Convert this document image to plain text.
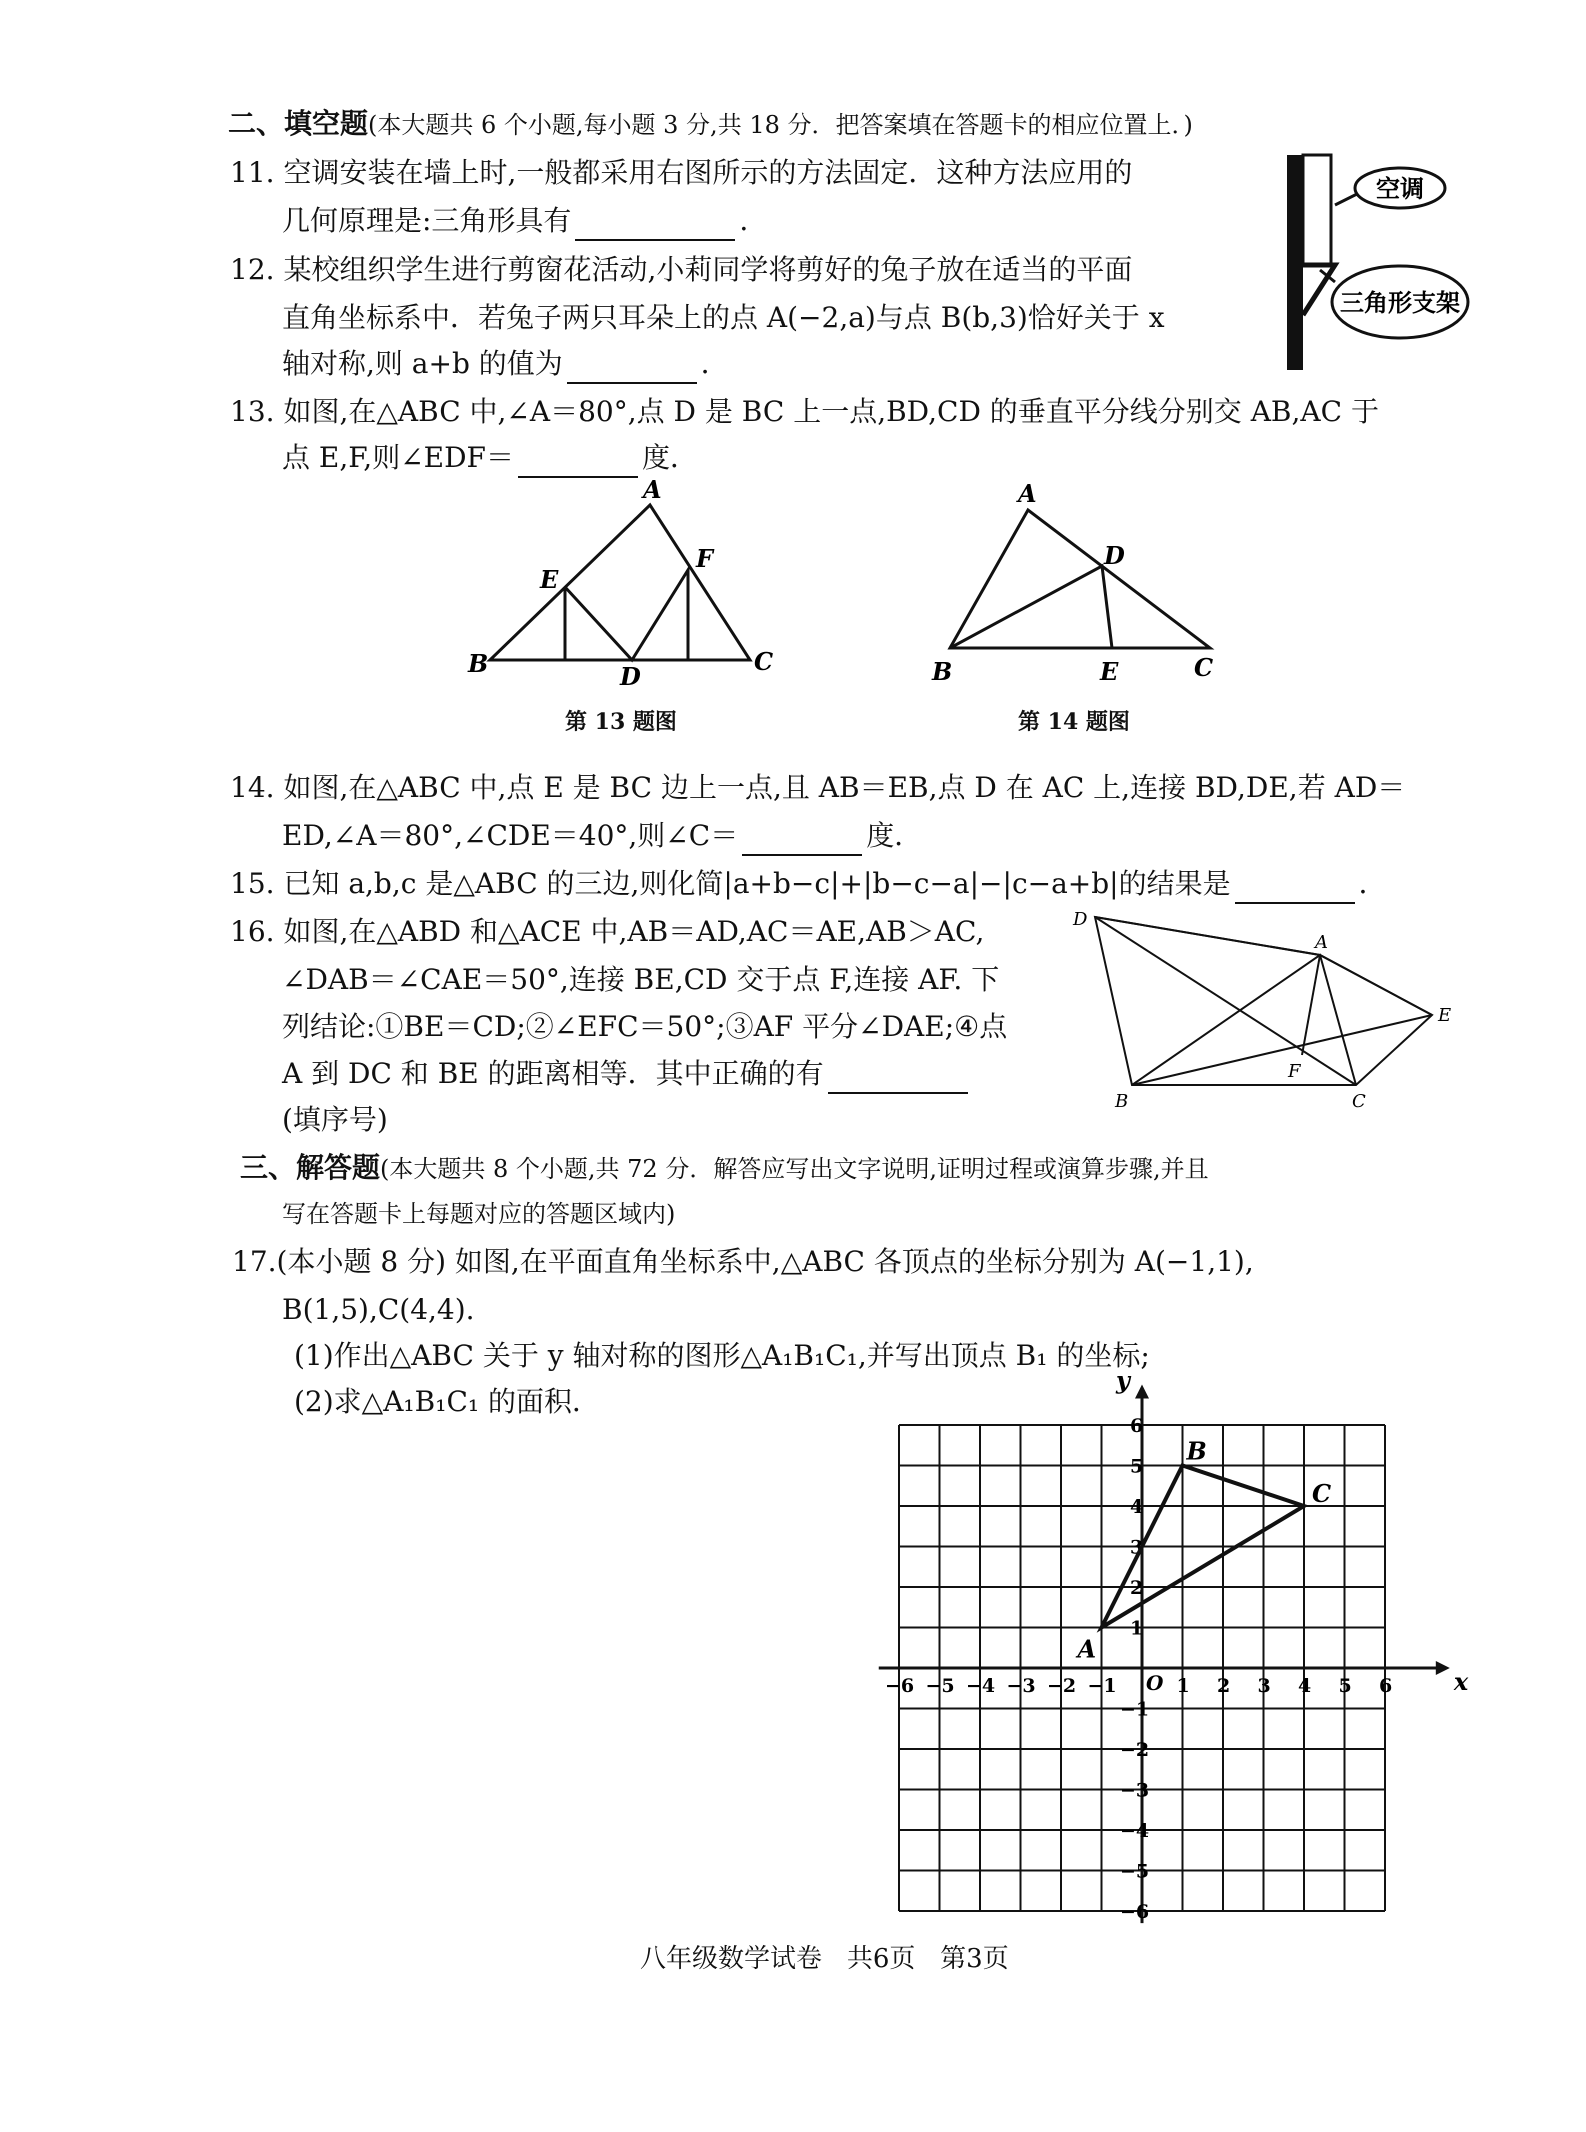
二、填空题(本大题共 6 个小题,每小题 3 分,共 18 分．把答案填在答题卡的相应位置上．)
11. 空调安装在墙上时,一般都采用右图所示的方法固定．这种方法应用的
几何原理是:三角形具有	．
空调
三角形支架
12. 某校组织学生进行剪窗花活动,小莉同学将剪好的兔子放在适当的平面
直角坐标系中．若兔子两只耳朵上的点 A(−2,a)与点 B(b,3)恰好关于 x
轴对称,则 a+b 的值为	．
13. 如图,在△ABC 中,∠A＝80°,点 D 是 BC 上一点,BD,CD 的垂直平分线分别交 AB,AC 于
点 E,F,则∠EDF＝	度．
A
B	C
D
E
F
第 13 题图
A
B	C
D
E
第 14 题图
14. 如图,在△ABC 中,点 E 是 BC 边上一点,且 AB＝EB,点 D 在 AC 上,连接 BD,DE,若 AD＝
ED,∠A＝80°,∠CDE＝40°,则∠C＝	度．
15. 已知 a,b,c 是△ABC 的三边,则化简|a+b−c|+|b−c−a|−|c−a+b|的结果是	．
16. 如图,在△ABD 和△ACE 中,AB＝AD,AC＝AE,AB＞AC,
∠DAB＝∠CAE＝50°,连接 BE,CD 交于点 F,连接 AF. 下
列结论:①BE＝CD;②∠EFC＝50°;③AF 平分∠DAE;④点
A 到 DC 和 BE 的距离相等．其中正确的有
(填序号)
D
A
E
B	C
F
三、解答题(本大题共 8 个小题,共 72 分．解答应写出文字说明,证明过程或演算步骤,并且
写在答题卡上每题对应的答题区域内)
17.(本小题 8 分) 如图,在平面直角坐标系中,△ABC 各顶点的坐标分别为 A(−1,1),
B(1,5),C(4,4).
(1)作出△ABC 关于 y 轴对称的图形△A₁B₁C₁,并写出顶点 B₁ 的坐标;
(2)求△A₁B₁C₁ 的面积．
x
y
O
−6 −5 −4 −3 −2 −1	1 2 3 4 5 6
6
5
4
3
2
1
−1
−2
−3
−4
−5
−6
A
B
C
八年级数学试卷 共6页 第3页
